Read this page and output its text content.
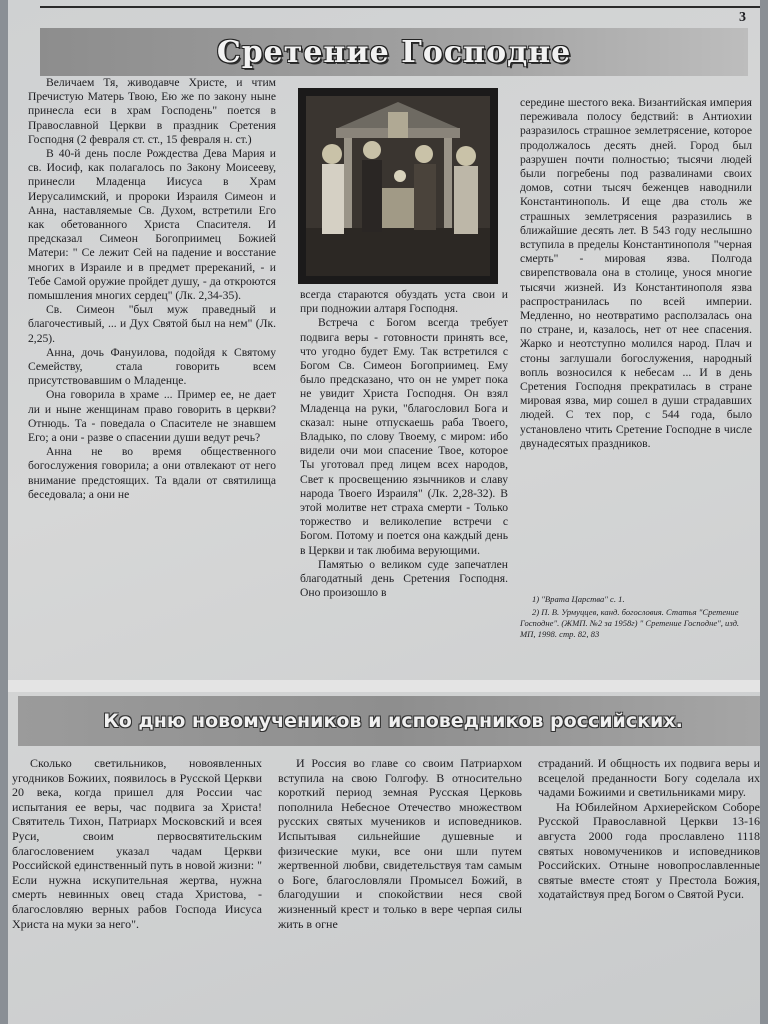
3
Сретение Господне

Величаем Тя, живодавче Христе, и чтим Пречистую Матерь Твою, Ею же по закону ныне принесла еси в храм Господень" поется в Православной Церкви в праздник Сретения Господня (2 февраля ст. ст., 15 февраля н. ст.)

В 40-й день после Рождества Дева Мария и св. Иосиф, как полагалось по Закону Моисееву, принесли Младенца Иисуса в Храм Иерусалимский, и пророки Израиля Симеон и Анна, наставляемые Св. Духом, встретили Его как обетованного Христа Спасителя. И предсказал Симеон Богоприимец Божией Матери: " Се лежит Сей на падение и восстание многих в Израиле и в предмет пререканий, - и Тебе Самой оружие пройдет душу, - да откроются помышления многих сердец" (Лк. 2,34-35).

Св. Симеон "был муж праведный и благочестивый, ... и Дух Святой был на нем" (Лк. 2,25).

Анна, дочь Фануилова, подойдя к Святому Семейству, стала говорить всем присутствовавшим о Младенце.

Она говорила в храме ... Пример ее, не дает ли и ныне женщинам право говорить в церкви? Отнюдь. Та - поведала о Спасителе не знавшем Его; а они - разве о спасении души ведут речь?

Анна не во время общественного богослужения говорила; а они отвлекают от него внимание предстоящих. Та вдали от святилища беседовала; а они не

всегда стараются обуздать уста свои и при подножии алтаря Господня.

Встреча с Богом всегда требует подвига веры - готовности принять все, что угодно будет Ему. Так встретился с Богом Св. Симеон Богоприимец. Ему было предсказано, что он не умрет пока не увидит Христа Господня. Он взял Младенца на руки, "благословил Бога и сказал: ныне отпускаешь раба Твоего, Владыко, по слову Твоему, с миром: ибо видели очи мои спасение Твое, которое Ты уготовал пред лицем всех народов, Свет к просвещению язычников и славу народа Твоего Израиля" (Лк. 2,28-32). В этой молитве нет страха смерти - Только торжество и великолепие встречи с Богом. Потому и поется она каждый день в Церкви и так любима верующими.

Памятью о великом суде запечатлен благодатный день Сретения Господня. Оно произошло в

середине шестого века. Византийская империя переживала полосу бедствий: в Антиохии разразилось страшное землетрясение, которое продолжалось десять дней. Город был разрушен почти полностью; тысячи людей были погребены под развалинами своих домов, сотни тысяч беженцев наводнили Константинополь. И еще два столь же страшных землетрясения разразились в ближайшие десять лет. В 543 году неслышно вступила в пределы Константинополя "черная смерть" - мировая язва. Полгода свирепствовала она в столице, унося многие тысячи жизней. Из Константинополя язва распространилась по всей империи. Медленно, но неотвратимо расползалась она по стране, и, казалось, нет от нее спасения. Жарко и неотступно молился народ. Плач и стоны заглушали богослужения, народный вопль возносился к небесам ... И в день Сретения Господня прекратилась в стране мировая язва, мир сошел в души страдавших людей. С тех пор, с 544 года, было установлено чтить Сретение Господне в числе двунадесятых праздников.

1) "Врата Царства" с. 1.
2) П. В. Урмуццев, канд. богословия. Статья "Сретение Господне". (ЖМП. №2 за 1958г) " Сретение Господне", изд. МП, 1998. стр. 82, 83
Ко дню новомучеников и исповедников российских.

Сколько светильников, новоявленных угодников Божиих, появилось в Русской Церкви 20 века, когда пришел для России час испытания ее веры, час подвига за Христа! Святитель Тихон, Патриарх Московский и всея Руси, своим первосвятительским благословением указал чадам Церкви Российской единственный путь в новой жизни: " Если нужна искупительная жертва, нужна смерть невинных овец стада Христова, - благословляю верных рабов Господа Иисуса Христа на муки за него".

И Россия во главе со своим Патриархом вступила на свою Голгофу. В относительно короткий период земная Русская Церковь пополнила Небесное Отечество множеством русских святых мучеников и исповедников. Испытывая сильнейшие душевные и физические муки, все они шли путем жертвенной любви, свидетельствуя там самым о Боге, благословляли Промысел Божий, в благодушии и спокойствии неся свой жизненный крест и только в вере черпая силы жить в огне

страданий. И общность их подвига веры и всецелой преданности Богу соделала их чадами Божиими и светильниками миру.

На Юбилейном Архиерейском Соборе Русской Православной Церкви 13-16 августа 2000 года прославлено 1118 святых новомучеников и исповедников Российских. Отныне новопрославленные святые вместе стоят у Престола Божия, ходатайствуя пред Богом о Святой Руси.
